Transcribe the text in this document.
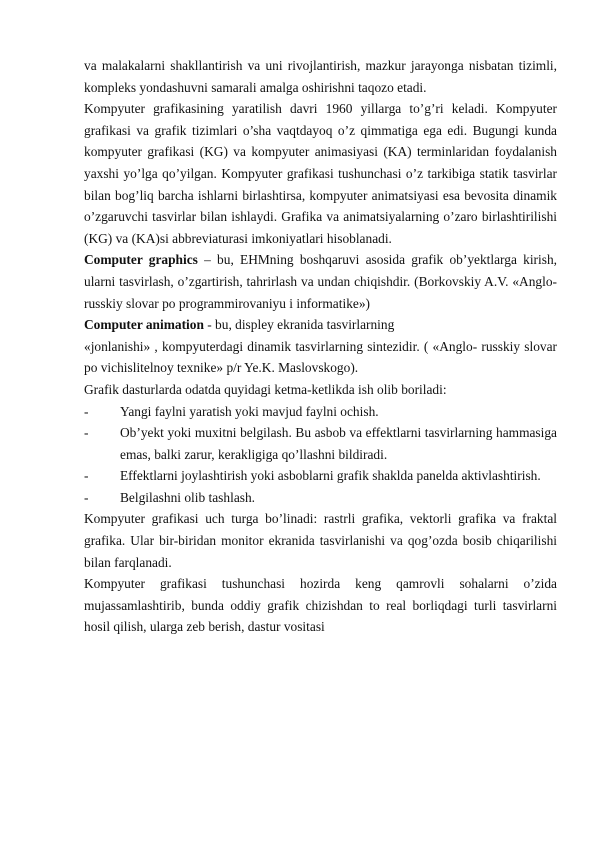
va malakalarni shakllantirish va uni rivojlantirish, mazkur jarayonga nisbatan tizimli, kompleks yondashuvni samarali amalga oshirishni taqozo etadi.

Kompyuter grafikasining yaratilish davri 1960 yillarga to’g’ri keladi. Kompyuter grafikasi va grafik tizimlari o’sha vaqtdayoq o’z qimmatiga ega edi. Bugungi kunda kompyuter grafikasi (KG) va kompyuter animasiyasi (KA) terminlaridan foydalanish yaxshi yo’lga qo’yilgan. Kompyuter grafikasi tushunchasi o’z tarkibiga statik tasvirlar bilan bog’liq barcha ishlarni birlashtirsa, kompyuter animatsiyasi esa bevosita dinamik o’zgaruvchi tasvirlar bilan ishlaydi. Grafika va animatsiyalarning o’zaro birlashtirilishi (KG) va (KA)si abbreviaturasi imkoniyatlari hisoblanadi.

Computer graphics – bu, EHMning boshqaruvi asosida grafik ob’yektlarga kirish, ularni tasvirlash, o’zgartirish, tahrirlash va undan chiqishdir. (Borkovskiy A.V. «Anglo-russkiy slovar po programmirovaniyu i informatike»)

Computer animation - bu, displey ekranida tasvirlarning

«jonlanishi» , kompyuterdagi dinamik tasvirlarning sintezidir. ( «Anglo- russkiy slovar po vichislitelnoy texnike» p/r Ye.K. Maslovskogo).

Grafik dasturlarda odatda quyidagi ketma-ketlikda ish olib boriladi:

-	Yangi faylni yaratish yoki mavjud faylni ochish.
-	Ob’yekt yoki muxitni belgilash. Bu asbob va effektlarni tasvirlarning hammasiga emas, balki zarur, kerakligiga qo’llashni bildiradi.
-	Effektlarni joylashtirish yoki asboblarni grafik shaklda panelda aktivlashtirish.
-	Belgilashni olib tashlash.

Kompyuter grafikasi uch turga bo’linadi: rastrli grafika, vektorli grafika va fraktal grafika. Ular bir-biridan monitor ekranida tasvirlanishi va qog’ozda bosib chiqarilishi bilan farqlanadi.

Kompyuter grafikasi tushunchasi hozirda keng qamrovli sohalarni o’zida mujassamlashtirib, bunda oddiy grafik chizishdan to real borliqdagi turli tasvirlarni hosil qilish, ularga zeb berish, dastur vositasi
